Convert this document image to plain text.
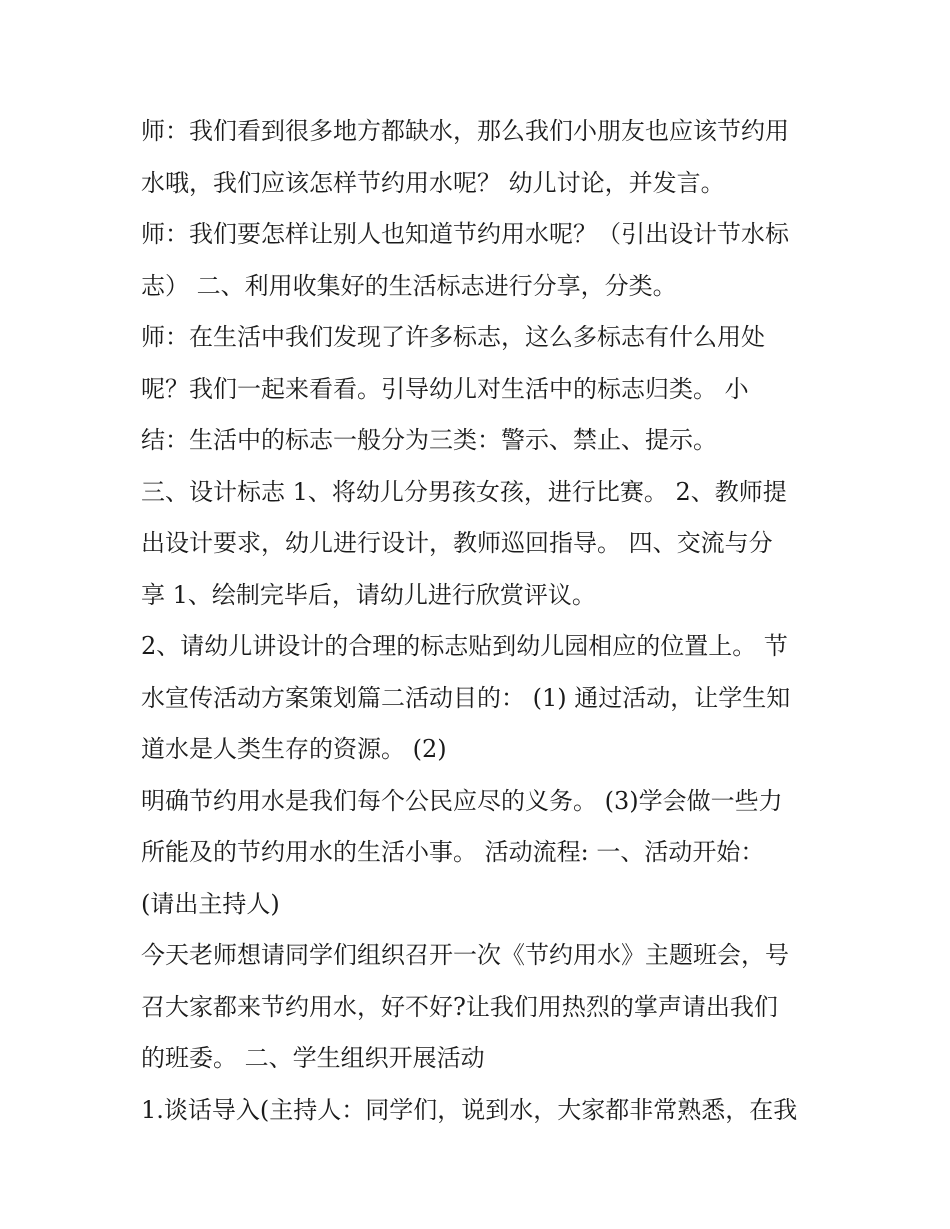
师：我们看到很多地方都缺水，那么我们小朋友也应该节约用
水哦，我们应该怎样节约用水呢？ 幼儿讨论，并发言。
师：我们要怎样让别人也知道节约用水呢？（引出设计节水标
志） 二、利用收集好的生活标志进行分享，分类。
师：在生活中我们发现了许多标志，这么多标志有什么用处
呢？我们一起来看看。引导幼儿对生活中的标志归类。 小
结：生活中的标志一般分为三类：警示、禁止、提示。
三、设计标志 1、将幼儿分男孩女孩，进行比赛。 2、教师提
出设计要求，幼儿进行设计，教师巡回指导。 四、交流与分
享 1、绘制完毕后，请幼儿进行欣赏评议。
2、请幼儿讲设计的合理的标志贴到幼儿园相应的位置上。 节
水宣传活动方案策划篇二活动目的： (1) 通过活动，让学生知
道水是人类生存的资源。 (2)
明确节约用水是我们每个公民应尽的义务。 (3)学会做一些力
所能及的节约用水的生活小事。 活动流程: 一、活动开始：
(请出主持人)
今天老师想请同学们组织召开一次《节约用水》主题班会，号
召大家都来节约用水，好不好?让我们用热烈的掌声请出我们
的班委。 二、学生组织开展活动
1.谈话导入(主持人：同学们，说到水，大家都非常熟悉，在我
